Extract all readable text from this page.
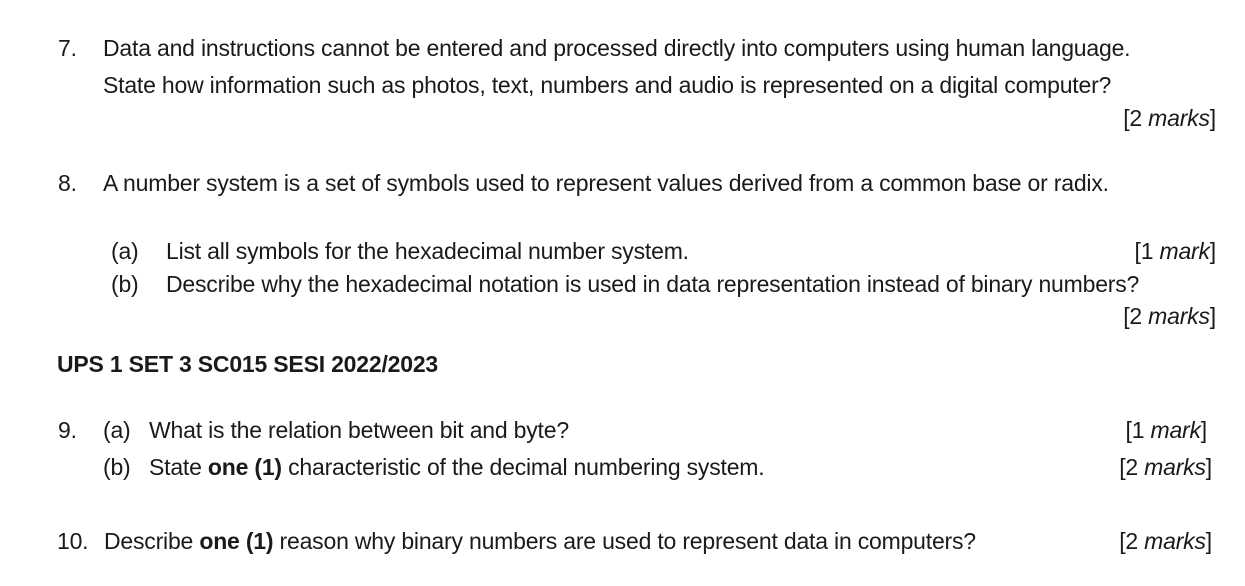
7. Data and instructions cannot be entered and processed directly into computers using human language.
State how information such as photos, text, numbers and audio is represented on a digital computer?
[2 marks]
8. A number system is a set of symbols used to represent values derived from a common base or radix.
(a) List all symbols for the hexadecimal number system.	[1 mark]
(b) Describe why the hexadecimal notation is used in data representation instead of binary numbers?
[2 marks]
UPS 1 SET 3 SC015 SESI 2022/2023
9. (a) What is the relation between bit and byte?	[1 mark]
(b) State one (1) characteristic of the decimal numbering system.	[2 marks]
10. Describe one (1) reason why binary numbers are used to represent data in computers?	[2 marks]
